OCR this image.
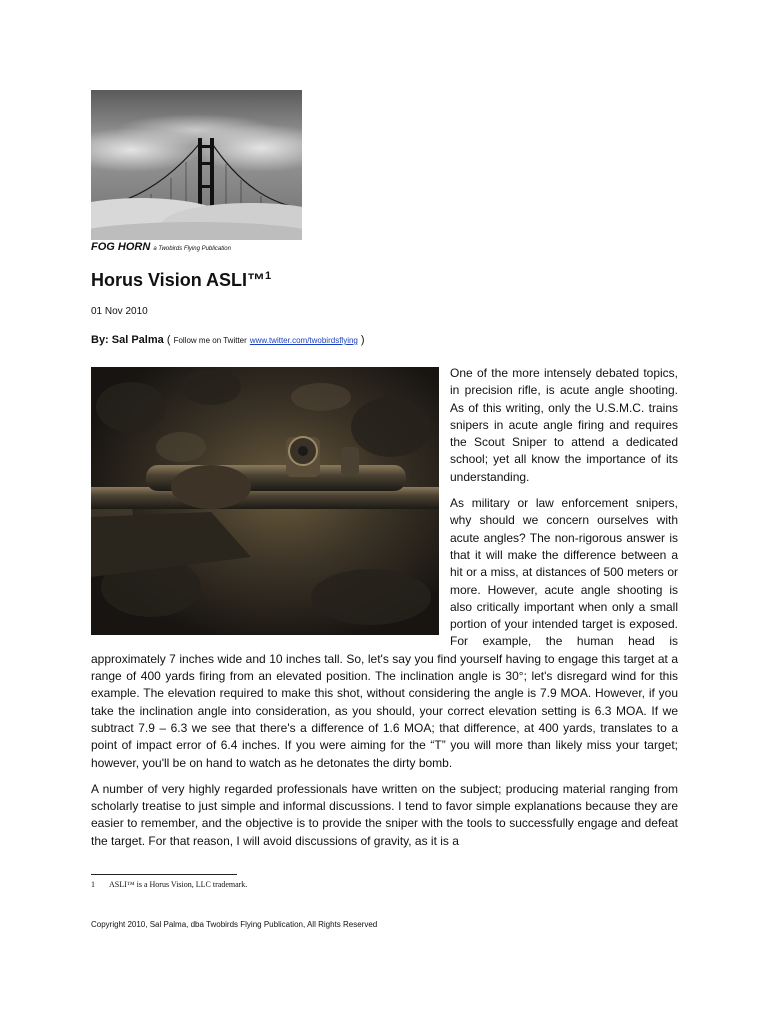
FOG HORN a Twobirds Flying Publication
Horus Vision ASLI™$^1$
01 Nov 2010
By: Sal Palma ( Follow me on Twitter www.twitter.com/twobirdsflying )

One of the more intensely debated topics, in precision rifle, is acute angle shooting. As of this writing, only the U.S.M.C. trains snipers in acute angle firing and requires the Scout Sniper to attend a dedicated school; yet all know the importance of its understanding.

As military or law enforcement snipers, why should we concern ourselves with acute angles? The non-rigorous answer is that it will make the difference between a hit or a miss, at distances of 500 meters or more. However, acute angle shooting is also critically important when only a small portion of your intended target is exposed. For example, the human head is approximately 7 inches wide and 10 inches tall. So, let's say you find yourself having to engage this target at a range of 400 yards firing from an elevated position. The inclination angle is 30°; let's disregard wind for this example. The elevation required to make this shot, without considering the angle is 7.9 MOA. However, if you take the inclination angle into consideration, as you should, your correct elevation setting is 6.3 MOA. If we subtract 7.9 – 6.3 we see that there's a difference of 1.6 MOA; that difference, at 400 yards, translates to a point of impact error of 6.4 inches. If you were aiming for the “T” you will more than likely miss your target; however, you'll be on hand to watch as he detonates the dirty bomb.

A number of very highly regarded professionals have written on the subject; producing material ranging from scholarly treatise to just simple and informal discussions. I tend to favor simple explanations because they are easier to remember, and the objective is to provide the sniper with the tools to successfully engage and defeat the target. For that reason, I will avoid discussions of gravity, as it is a

1 ASLI™ is a Horus Vision, LLC trademark.
Copyright 2010, Sal Palma, dba Twobirds Flying Publication, All Rights Reserved
